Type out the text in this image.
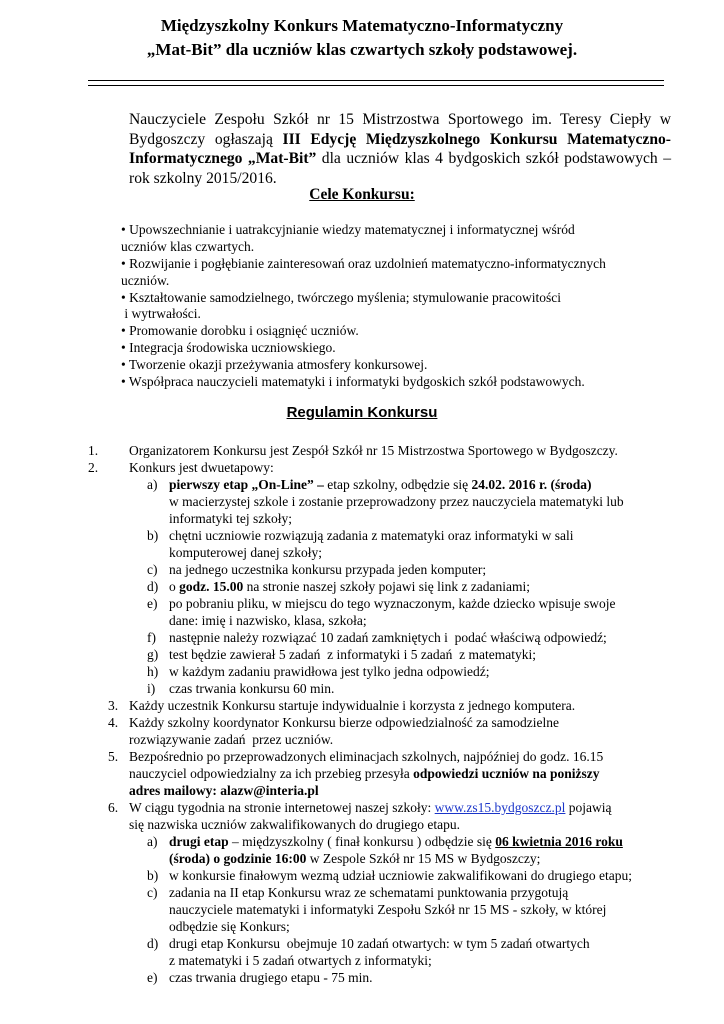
Międzyszkolny Konkurs Matematyczno-Informatyczny
„Mat-Bit” dla uczniów klas czwartych szkoły podstawowej.
Nauczyciele Zespołu Szkół nr 15 Mistrzostwa Sportowego im. Teresy Ciepły w Bydgoszczy ogłaszają III Edycję Międzyszkolnego Konkursu Matematyczno-Informatycznego „Mat-Bit” dla uczniów klas 4 bydgoskich szkół podstawowych – rok szkolny 2015/2016.
Cele Konkursu:
• Upowszechnianie i uatrakcyjnianie wiedzy matematycznej i informatycznej wśród
uczniów klas czwartych.
• Rozwijanie i pogłębianie zainteresowań oraz uzdolnień matematyczno-informatycznych
uczniów.
• Kształtowanie samodzielnego, twórczego myślenia; stymulowanie pracowitości
i wytrwałości.
• Promowanie dorobku i osiągnięć uczniów.
• Integracja środowiska uczniowskiego.
• Tworzenie okazji przeżywania atmosfery konkursowej.
• Współpraca nauczycieli matematyki i informatyki bydgoskich szkół podstawowych.
Regulamin Konkursu
1. Organizatorem Konkursu jest Zespół Szkół nr 15 Mistrzostwa Sportowego w Bydgoszczy.
2. Konkurs jest dwuetapowy:
a) pierwszy etap „On-Line” – etap szkolny, odbędzie się 24.02. 2016 r. (środa)
w macierzystej szkole i zostanie przeprowadzony przez nauczyciela matematyki lub
informatyki tej szkoły;
b) chętni uczniowie rozwiązują zadania z matematyki oraz informatyki w sali
komputerowej danej szkoły;
c) na jednego uczestnika konkursu przypada jeden komputer;
d) o godz. 15.00 na stronie naszej szkoły pojawi się link z zadaniami;
e) po pobraniu pliku, w miejscu do tego wyznaczonym, każde dziecko wpisuje swoje
dane: imię i nazwisko, klasa, szkoła;
f) następnie należy rozwiązać 10 zadań zamkniętych i  podać właściwą odpowiedź;
g) test będzie zawierał 5 zadań  z informatyki i 5 zadań  z matematyki;
h) w każdym zadaniu prawidłowa jest tylko jedna odpowiedź;
i) czas trwania konkursu 60 min.
3. Każdy uczestnik Konkursu startuje indywidualnie i korzysta z jednego komputera.
4. Każdy szkolny koordynator Konkursu bierze odpowiedzialność za samodzielne
rozwiązywanie zadań  przez uczniów.
5. Bezpośrednio po przeprowadzonych eliminacjach szkolnych, najpóźniej do godz. 16.15
nauczyciel odpowiedzialny za ich przebieg przesyła odpowiedzi uczniów na poniższy
adres mailowy: alazw@interia.pl
6. W ciągu tygodnia na stronie internetowej naszej szkoły: www.zs15.bydgoszcz.pl pojawią
się nazwiska uczniów zakwalifikowanych do drugiego etapu.
a) drugi etap – międzyszkolny ( finał konkursu ) odbędzie się 06 kwietnia 2016 roku
(środa) o godzinie 16:00 w Zespole Szkół nr 15 MS w Bydgoszczy;
b) w konkursie finałowym wezmą udział uczniowie zakwalifikowani do drugiego etapu;
c) zadania na II etap Konkursu wraz ze schematami punktowania przygotują
nauczyciele matematyki i informatyki Zespołu Szkół nr 15 MS - szkoły, w której
odbędzie się Konkurs;
d) drugi etap Konkursu  obejmuje 10 zadań otwartych: w tym 5 zadań otwartych
z matematyki i 5 zadań otwartych z informatyki;
e) czas trwania drugiego etapu - 75 min.
